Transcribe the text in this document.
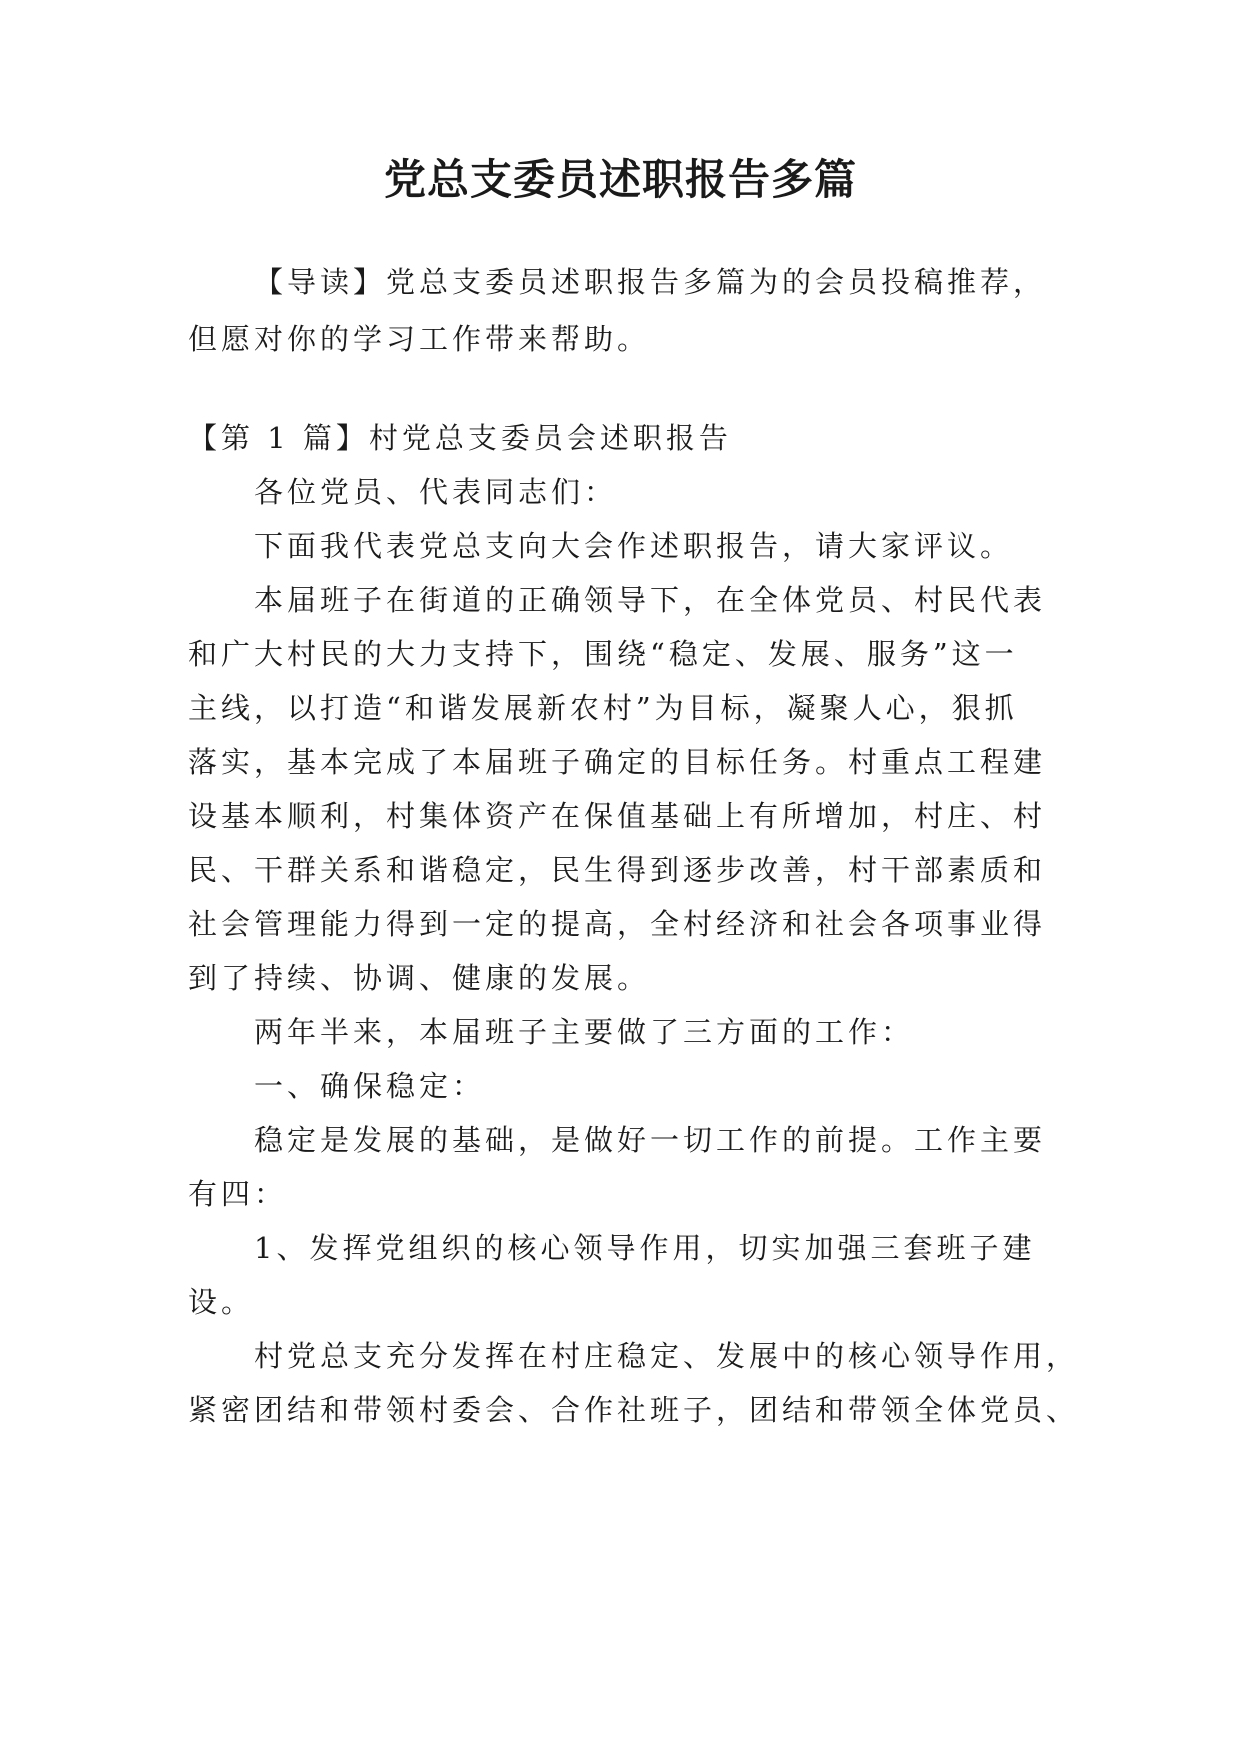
党总支委员述职报告多篇
【导读】党总支委员述职报告多篇为的会员投稿推荐，
但愿对你的学习工作带来帮助。
【第 1 篇】村党总支委员会述职报告
各位党员、代表同志们：
下面我代表党总支向大会作述职报告，请大家评议。
本届班子在街道的正确领导下，在全体党员、村民代表
和广大村民的大力支持下，围绕“稳定、发展、服务”这一
主线，以打造“和谐发展新农村”为目标，凝聚人心，狠抓
落实，基本完成了本届班子确定的目标任务。村重点工程建
设基本顺利，村集体资产在保值基础上有所增加，村庄、村
民、干群关系和谐稳定，民生得到逐步改善，村干部素质和
社会管理能力得到一定的提高，全村经济和社会各项事业得
到了持续、协调、健康的发展。
两年半来，本届班子主要做了三方面的工作：
一、确保稳定：
稳定是发展的基础，是做好一切工作的前提。工作主要
有四：
1、发挥党组织的核心领导作用，切实加强三套班子建
设。
村党总支充分发挥在村庄稳定、发展中的核心领导作用，
紧密团结和带领村委会、合作社班子，团结和带领全体党员、
